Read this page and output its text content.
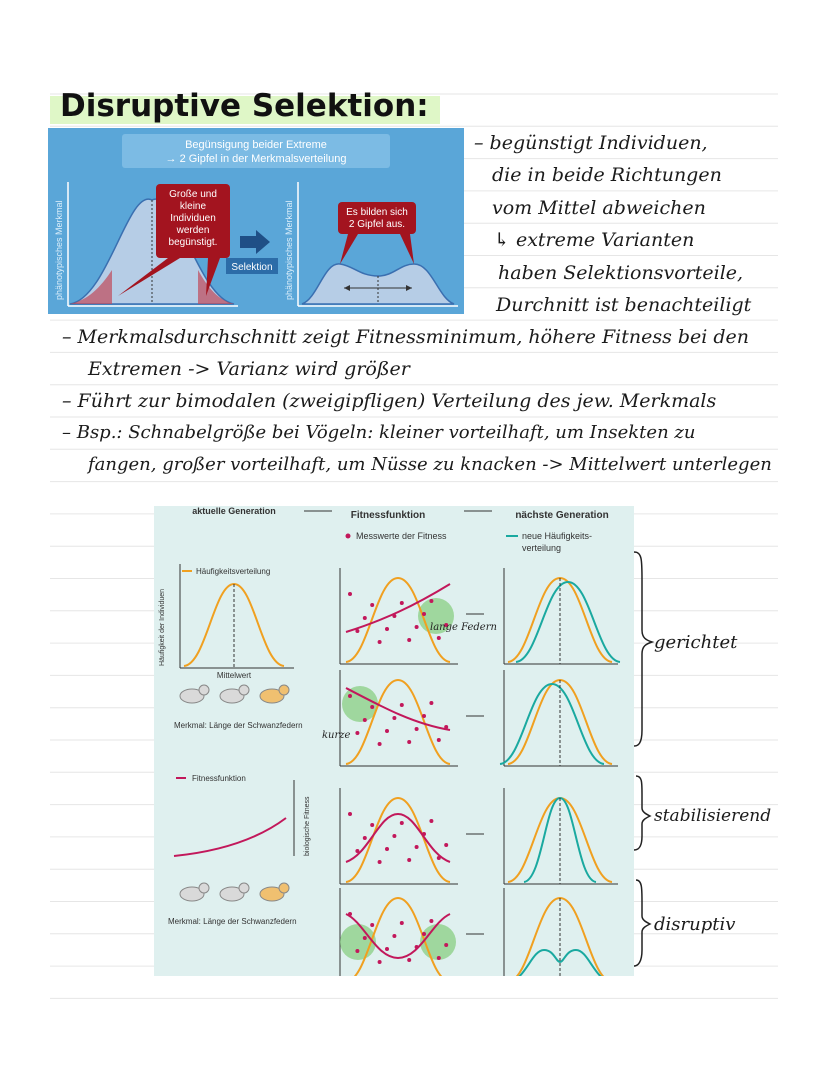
Disruptive Selektion:
Begünsigung beider Extreme
→ 2 Gipfel in der Merkmalsverteilung
phänotypisches Merkmal
Große und
kleine
Individuen
werden
begünstigt.
Selektion phänotypisches Merkmal	Es bilden sich
2 Gipfel aus.
– begünstigt Individuen,
die in beide Richtungen
vom Mittel abweichen
↳ extreme Varianten
haben Selektionsvorteile,
Durchnitt ist benachteiligt
– Merkmalsdurchschnitt zeigt Fitnessminimum, höhere Fitness bei den
Extremen -> Varianz wird größer
– Führt zur bimodalen (zweigipfligen) Verteilung des jew. Merkmals
– Bsp.: Schnabelgröße bei Vögeln: kleiner vorteilhaft, um Insekten zu
fangen, großer vorteilhaft, um Nüsse zu knacken -> Mittelwert unterlegen
aktuelle Generation	Fitnessfunktion	nächste Generation
Messwerte der Fitness	neue Häufigkeits-
verteilung
Häufigkeitsverteilung
Häufigkeit der Individuen
Mittelwert
Merkmal: Länge der Schwanzfedern
lange Federn
kurze
Fitnessfunktion
biologische Fitness
Merkmal: Länge der Schwanzfedern
gerichtet
stabilisierend
disruptiv
